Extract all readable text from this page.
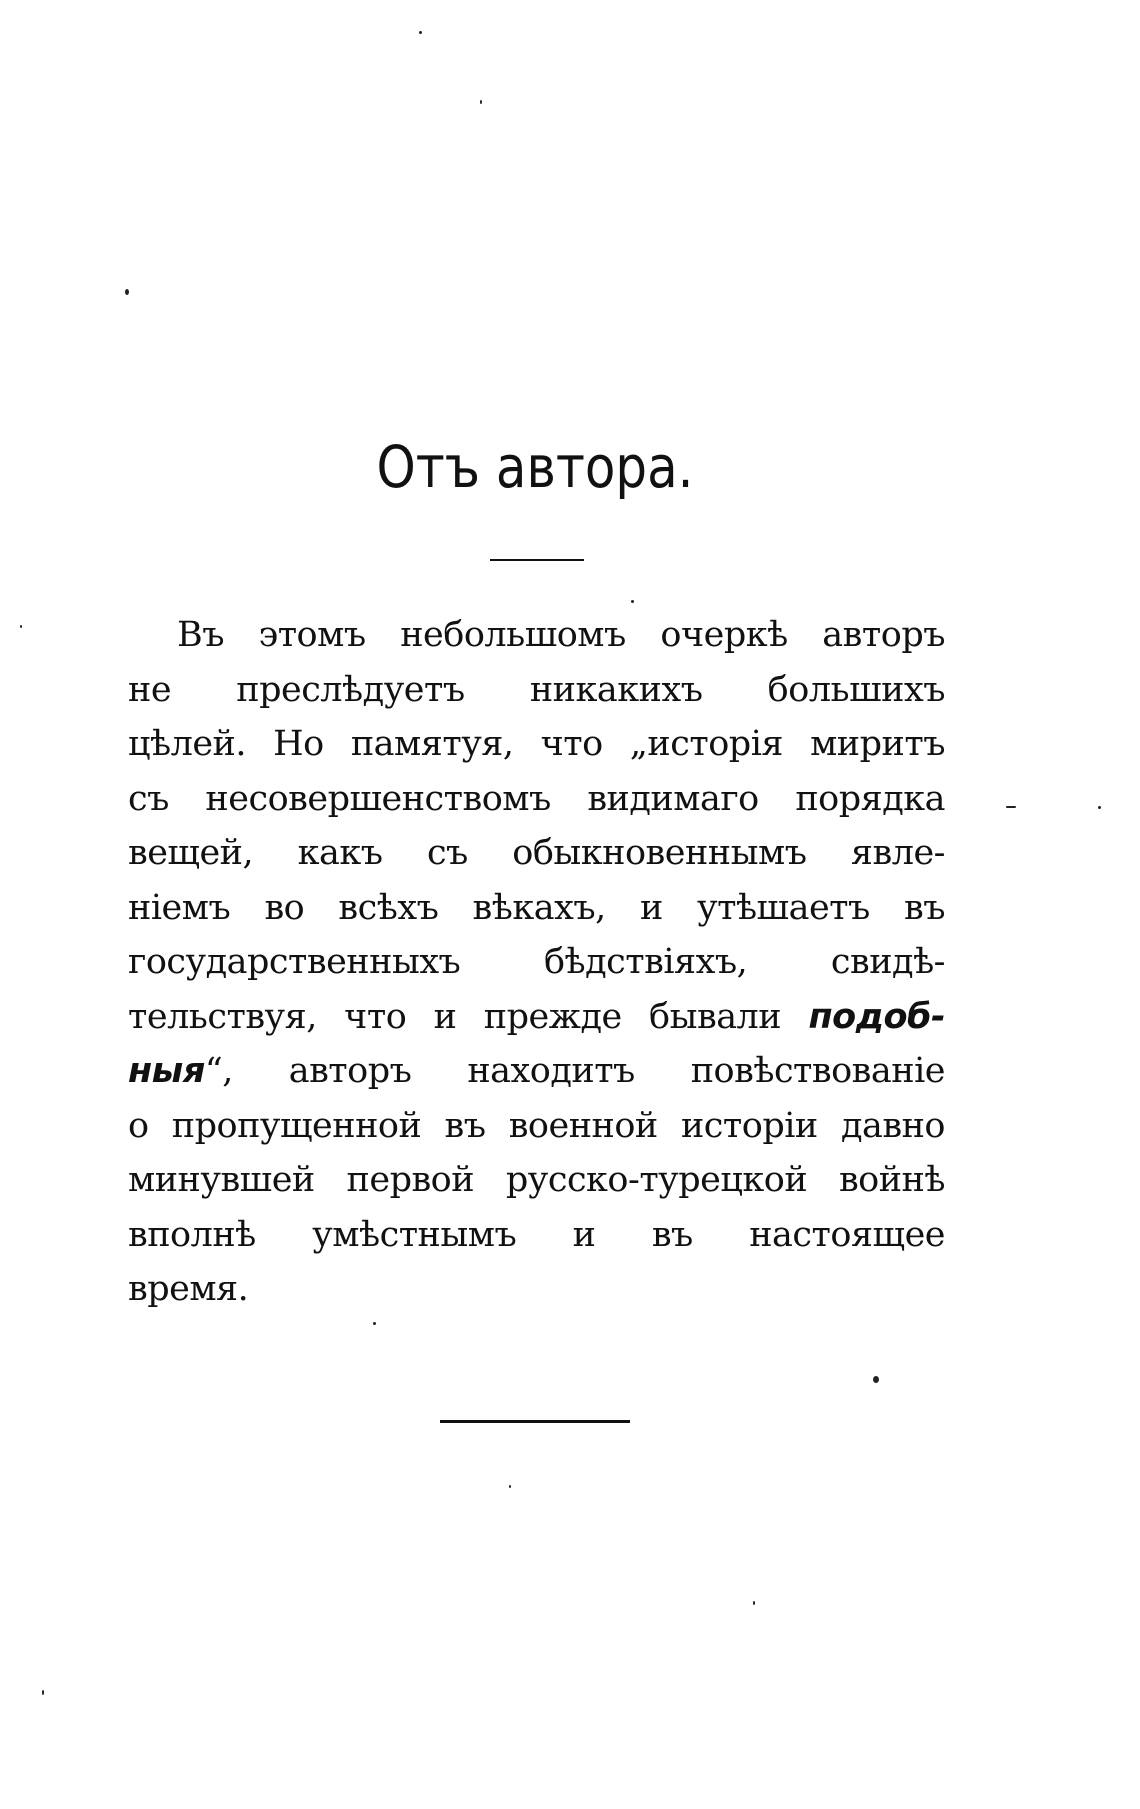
Отъ автора.
Въ этомъ небольшомъ очеркѣ авторъ
не преслѣдуетъ никакихъ большихъ
цѣлей. Но памятуя, что „исторія миритъ
съ несовершенствомъ видимаго порядка
вещей, какъ съ обыкновеннымъ явле-
ніемъ во всѣхъ вѣкахъ, и утѣшаетъ въ
государственныхъ бѣдствіяхъ, свидѣ-
тельствуя, что и прежде бывали подоб-
ныя“, авторъ находитъ повѣствованіе
о пропущенной въ военной исторіи давно
минувшей первой русско-турецкой войнѣ
вполнѣ умѣстнымъ и въ настоящее
время.
